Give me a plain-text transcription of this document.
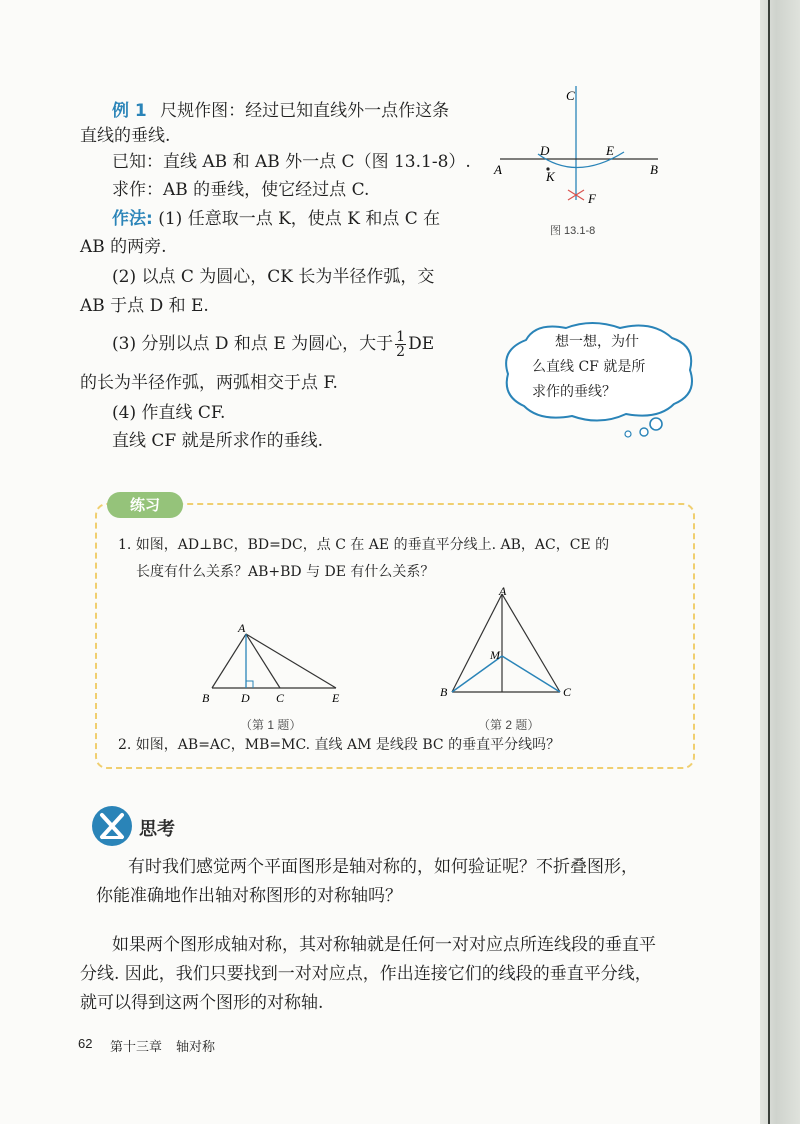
例 1 尺规作图：经过已知直线外一点作这条
直线的垂线.
已知：直线 AB 和 AB 外一点 C（图 13.1-8）.
求作：AB 的垂线，使它经过点 C.
作法: (1) 任意取一点 K，使点 K 和点 C 在
AB 的两旁.
(2) 以点 C 为圆心，CK 长为半径作弧，交
AB 于点 D 和 E.
(3) 分别以点 D 和点 E 为圆心，大于 $\frac{1}{2}$ DE
的长为半径作弧，两弧相交于点 F.
(4) 作直线 CF.
直线 CF 就是所求作的垂线.
C
D	E
A	B
K
F
图 13.1-8
想一想，为什
么直线 CF 就是所
求作的垂线？
练习
1. 如图，AD⊥BC，BD=DC，点 C 在 AE 的垂直平分线上. AB，AC，CE 的
长度有什么关系？AB+BD 与 DE 有什么关系？
A
B	D C	E
（第 1 题）
A
M
B	C
（第 2 题）
2. 如图，AB=AC，MB=MC. 直线 AM 是线段 BC 的垂直平分线吗？
思考
有时我们感觉两个平面图形是轴对称的，如何验证呢？不折叠图形，
你能准确地作出轴对称图形的对称轴吗？
如果两个图形成轴对称，其对称轴就是任何一对对应点所连线段的垂直平
分线. 因此，我们只要找到一对对应点，作出连接它们的线段的垂直平分线，
就可以得到这两个图形的对称轴.
62 第十三章 轴对称
